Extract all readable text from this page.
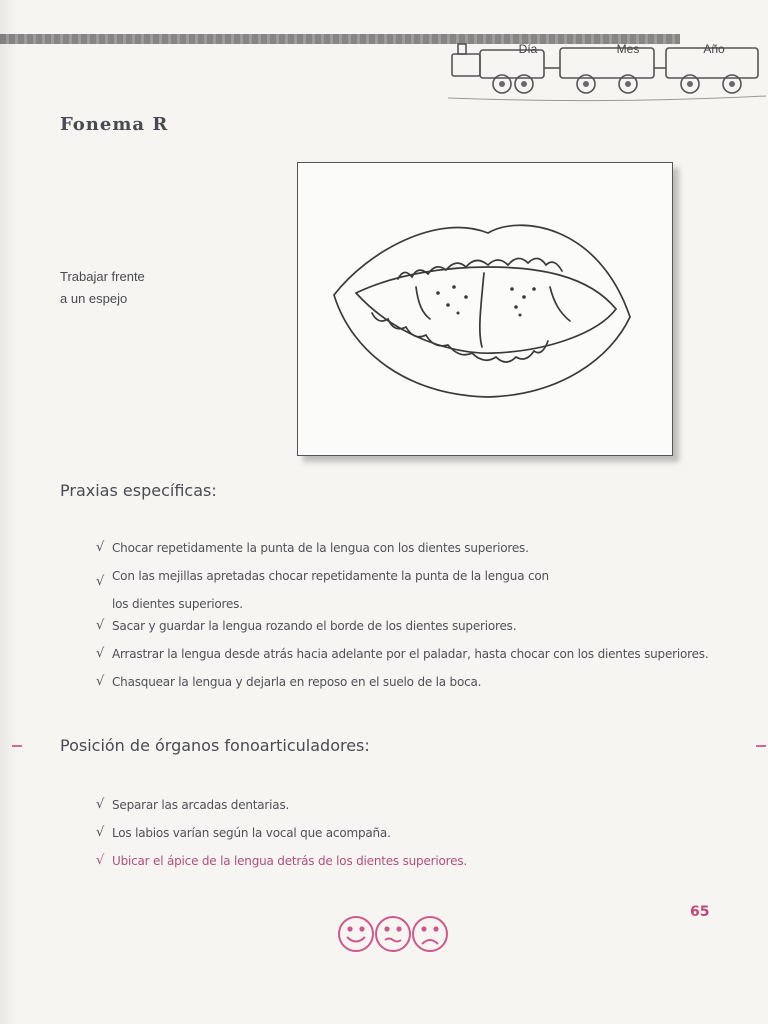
Día	Mes	Año
Fonema R
Trabajar frente
a un espejo
Praxias específicas:
√ Chocar repetidamente la punta de la lengua con los dientes superiores.
√ Con las mejillas apretadas chocar repetidamente la punta de la lengua con
los dientes superiores.
√ Sacar y guardar la lengua rozando el borde de los dientes superiores.
√ Arrastrar la lengua desde atrás hacia adelante por el paladar, hasta chocar con los dientes superiores.
√ Chasquear la lengua y dejarla en reposo en el suelo de la boca.
Posición de órganos fonoarticuladores:
√ Separar las arcadas dentarias.
√ Los labios varían según la vocal que acompaña.
√ Ubicar el ápice de la lengua detrás de los dientes superiores.
65
